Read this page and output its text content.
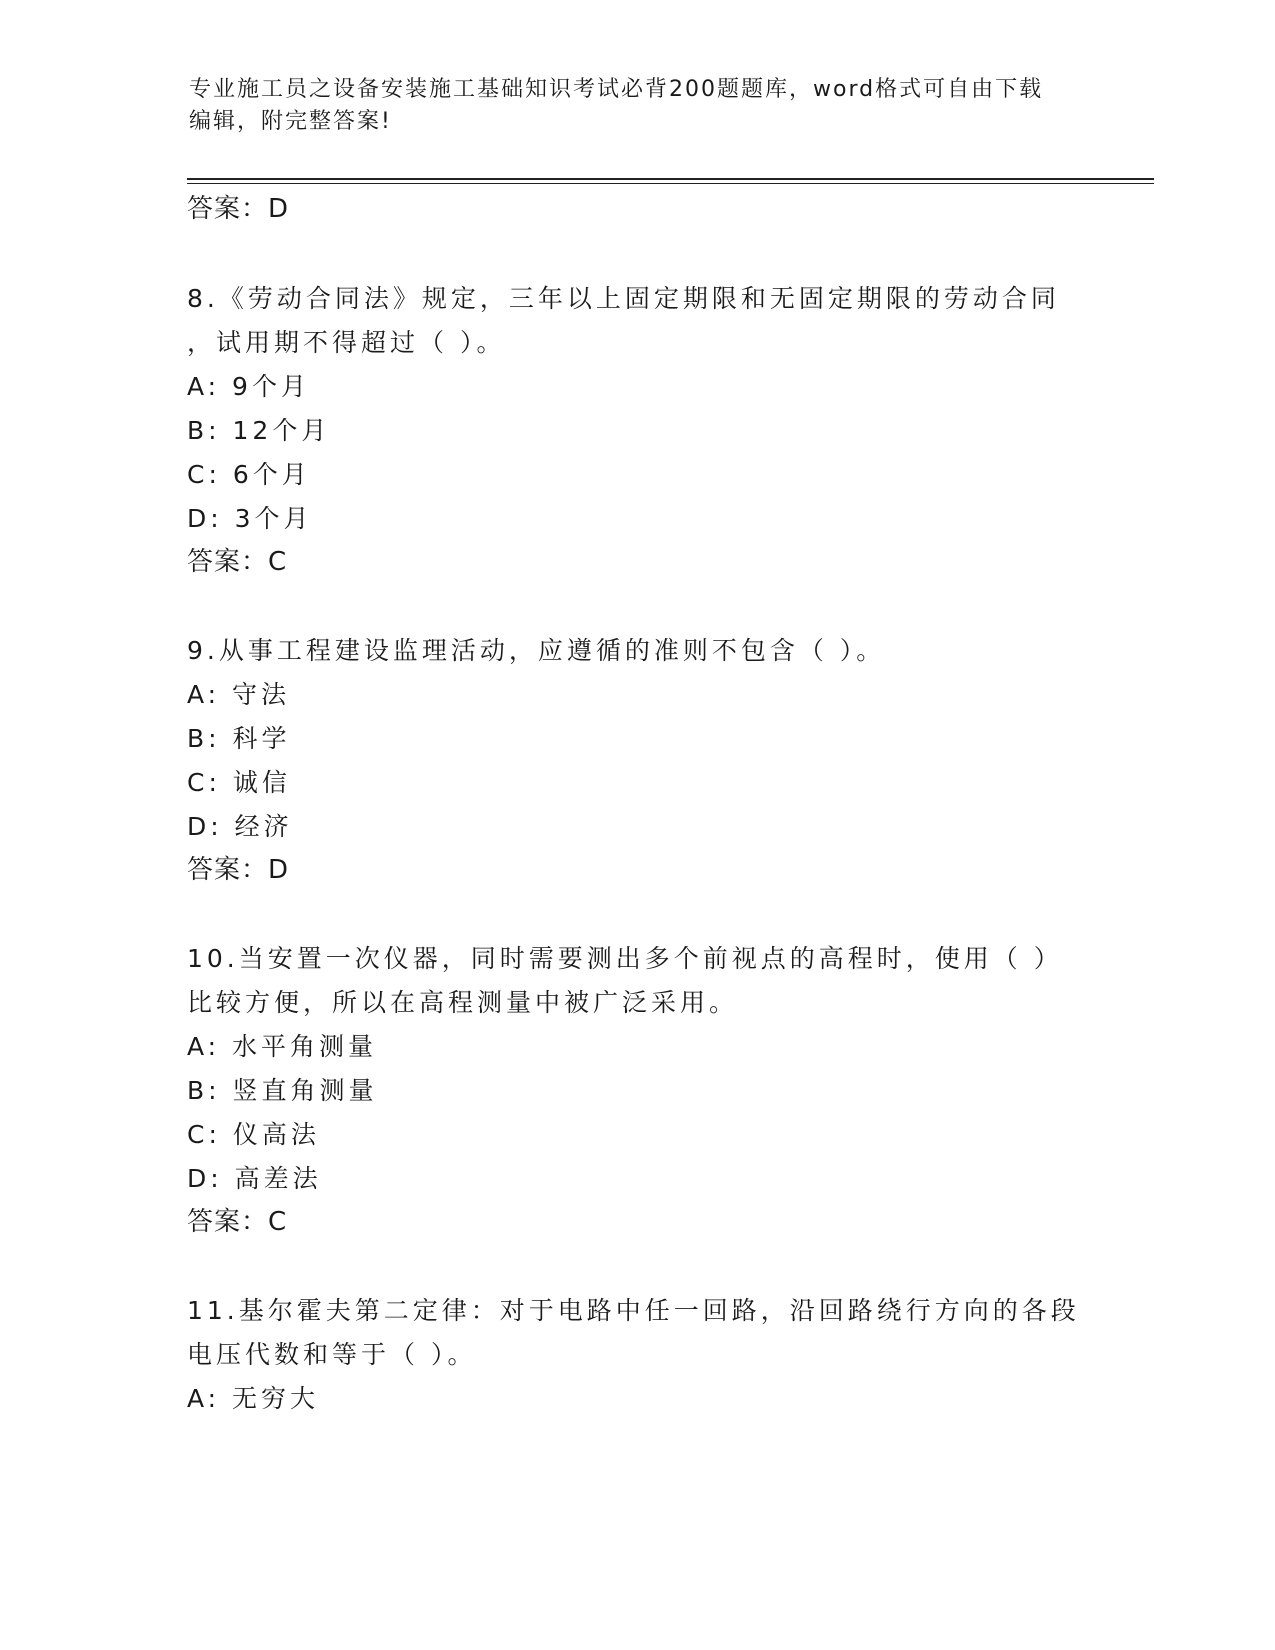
专业施工员之设备安装施工基础知识考试必背200题题库，word格式可自由下载
编辑，附完整答案!
答案：D
8.《劳动合同法》规定，三年以上固定期限和无固定期限的劳动合同
，试用期不得超过（ ）。
A: 9个月
B: 12个月
C: 6个月
D: 3个月
答案：C
9.从事工程建设监理活动，应遵循的准则不包含（ ）。
A: 守法
B: 科学
C: 诚信
D: 经济
答案：D
10.当安置一次仪器，同时需要测出多个前视点的高程时，使用（ ）
比较方便，所以在高程测量中被广泛采用。
A: 水平角测量
B: 竖直角测量
C: 仪高法
D: 高差法
答案：C
11.基尔霍夫第二定律：对于电路中任一回路，沿回路绕行方向的各段
电压代数和等于（ ）。
A: 无穷大
